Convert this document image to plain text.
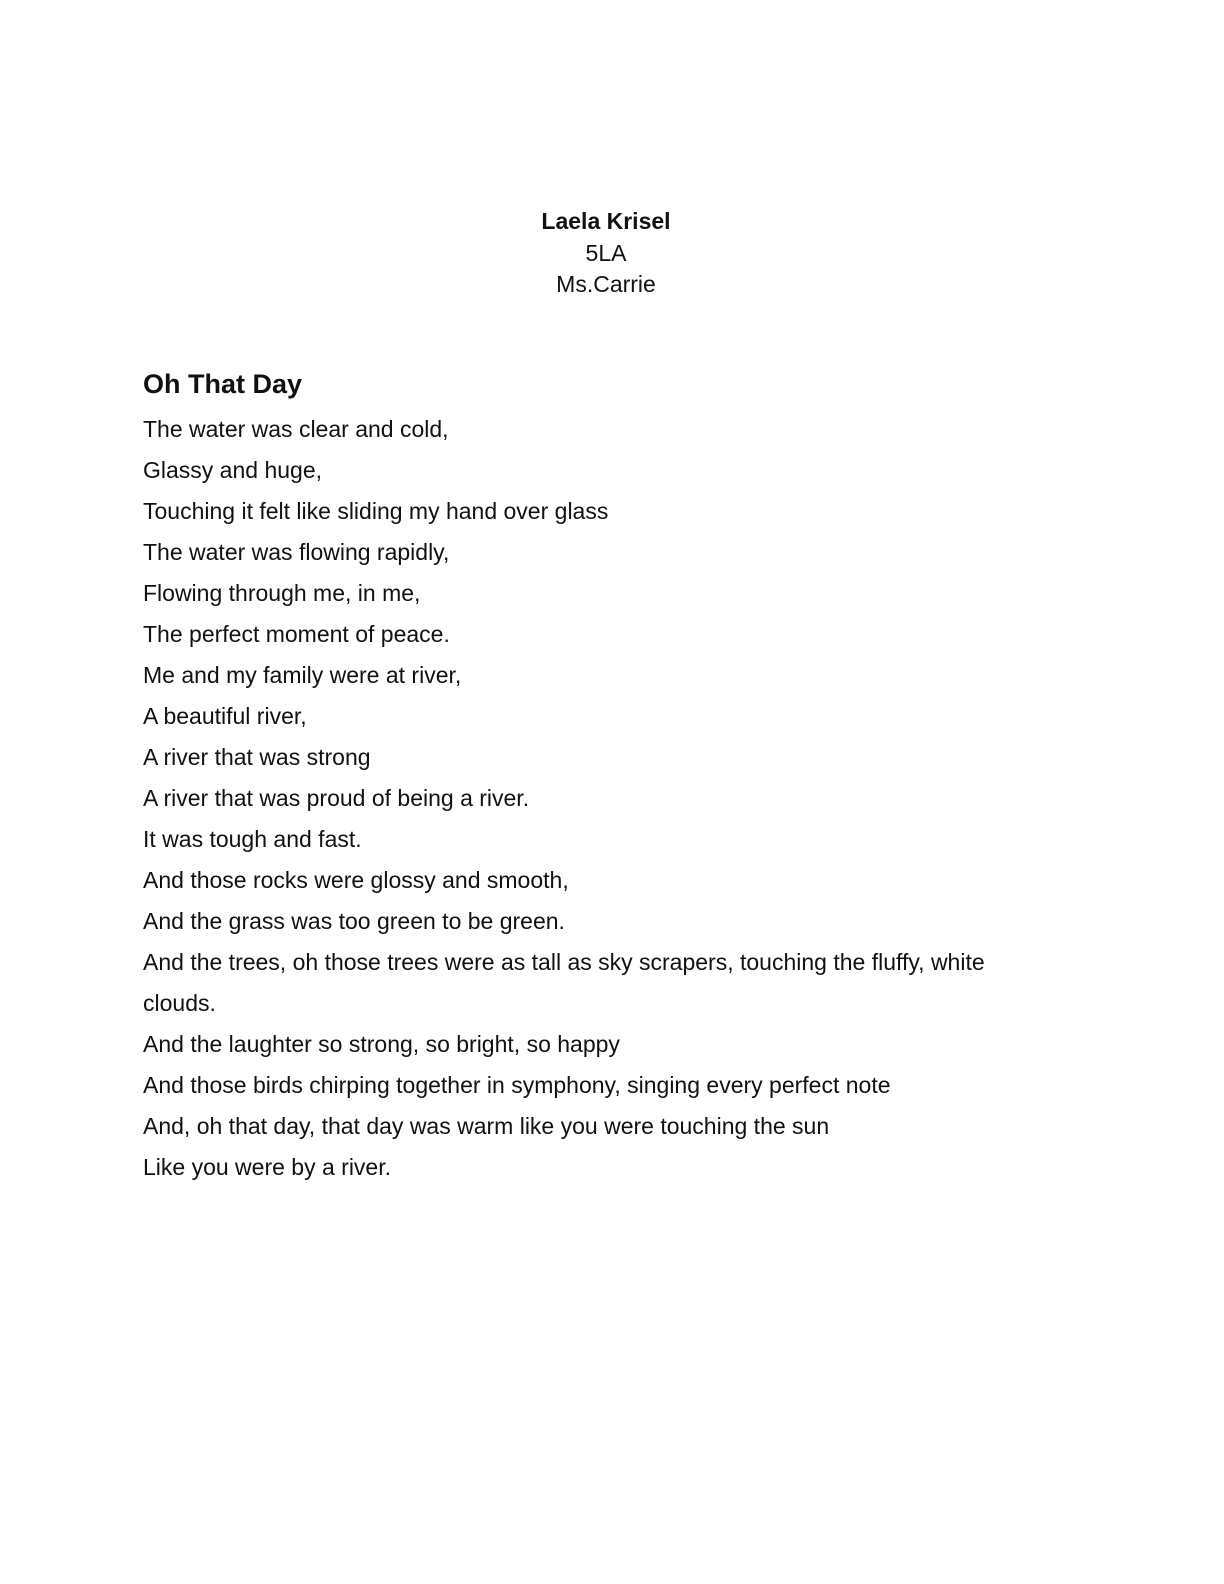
Laela Krisel
5LA
Ms.Carrie
Oh That Day
The water was clear and cold,
Glassy and huge,
Touching it felt like sliding my hand over glass
The water was flowing rapidly,
Flowing through me, in me,
The perfect moment of peace.
Me and my family were at river,
A beautiful river,
A river that was strong
A river that was proud of being a river.
It was tough and fast.
And those rocks were glossy and smooth,
And the grass was too green to be green.
And the trees, oh those trees were as tall as sky scrapers, touching the fluffy, white
clouds.
And the laughter so strong, so bright, so happy
And those birds chirping together in symphony, singing every perfect note
And, oh that day, that day was warm like you were touching the sun
Like you were by a river.
